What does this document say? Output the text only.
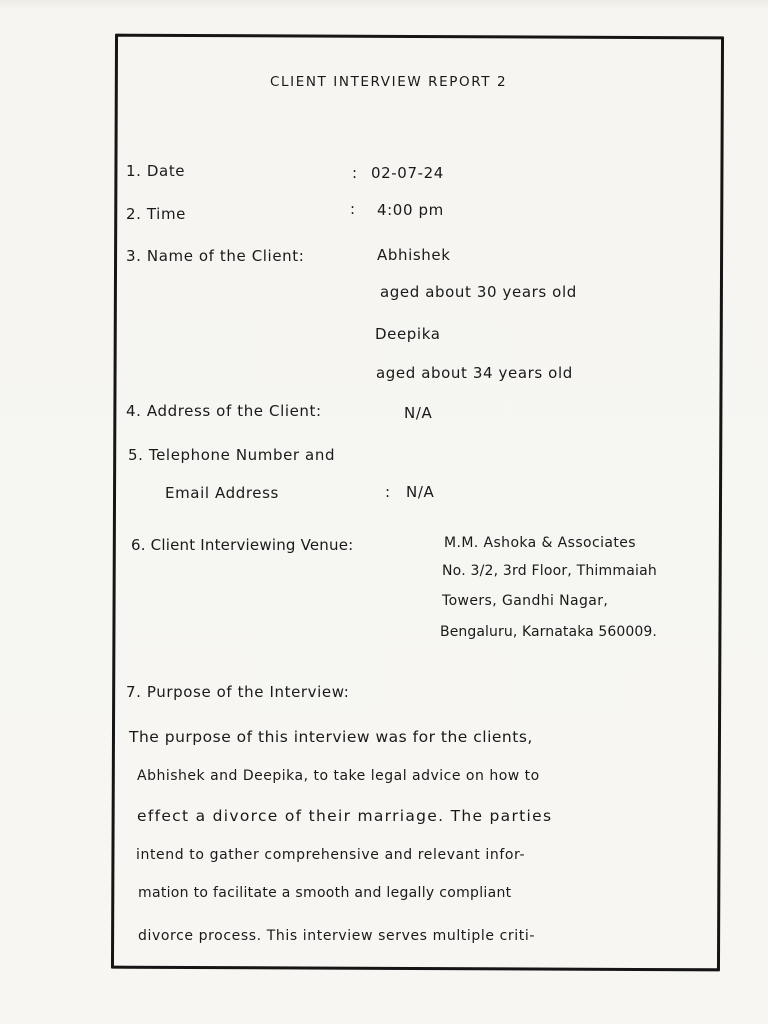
CLIENT INTERVIEW REPORT 2
1. Date	: 02-07-24
2. Time	: 4:00 pm
3. Name of the Client:	Abhishek
aged about 30 years old
Deepika
aged about 34 years old
4. Address of the Client:	N/A
5. Telephone Number and
Email Address	: N/A
6. Client Interviewing Venue:	M.M. Ashoka & Associates
No. 3/2, 3rd Floor, Thimmaiah
Towers, Gandhi Nagar,
Bengaluru, Karnataka 560009.
7. Purpose of the Interview:
The purpose of this interview was for the clients,
Abhishek and Deepika, to take legal advice on how to
effect a divorce of their marriage. The parties
intend to gather comprehensive and relevant infor-
mation to facilitate a smooth and legally compliant
divorce process. This interview serves multiple criti-
